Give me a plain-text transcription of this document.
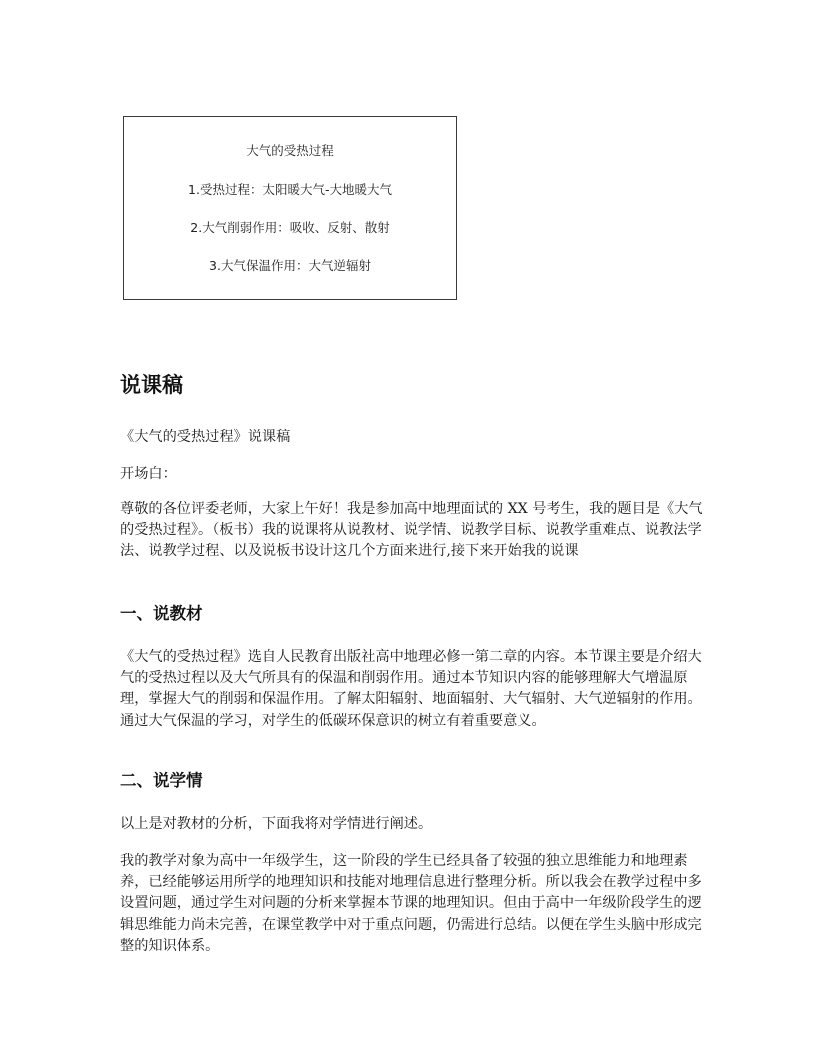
大气的受热过程
1.受热过程：太阳暖大气-大地暖大气
2.大气削弱作用：吸收、反射、散射
3.大气保温作用：大气逆辐射
说课稿

《大气的受热过程》说课稿

开场白：

尊敬的各位评委老师，大家上午好！我是参加高中地理面试的 XX 号考生，我的题目是《大气的受热过程》。（板书）我的说课将从说教材、说学情、说教学目标、说教学重难点、说教法学法、说教学过程、以及说板书设计这几个方面来进行,接下来开始我的说课

一、说教材

《大气的受热过程》选自人民教育出版社高中地理必修一第二章的内容。本节课主要是介绍大气的受热过程以及大气所具有的保温和削弱作用。通过本节知识内容的能够理解大气增温原理，掌握大气的削弱和保温作用。了解太阳辐射、地面辐射、大气辐射、大气逆辐射的作用。通过大气保温的学习，对学生的低碳环保意识的树立有着重要意义。

二、说学情

以上是对教材的分析，下面我将对学情进行阐述。

我的教学对象为高中一年级学生，这一阶段的学生已经具备了较强的独立思维能力和地理素养，已经能够运用所学的地理知识和技能对地理信息进行整理分析。所以我会在教学过程中多设置问题，通过学生对问题的分析来掌握本节课的地理知识。但由于高中一年级阶段学生的逻辑思维能力尚未完善，在课堂教学中对于重点问题，仍需进行总结。以便在学生头脑中形成完整的知识体系。
